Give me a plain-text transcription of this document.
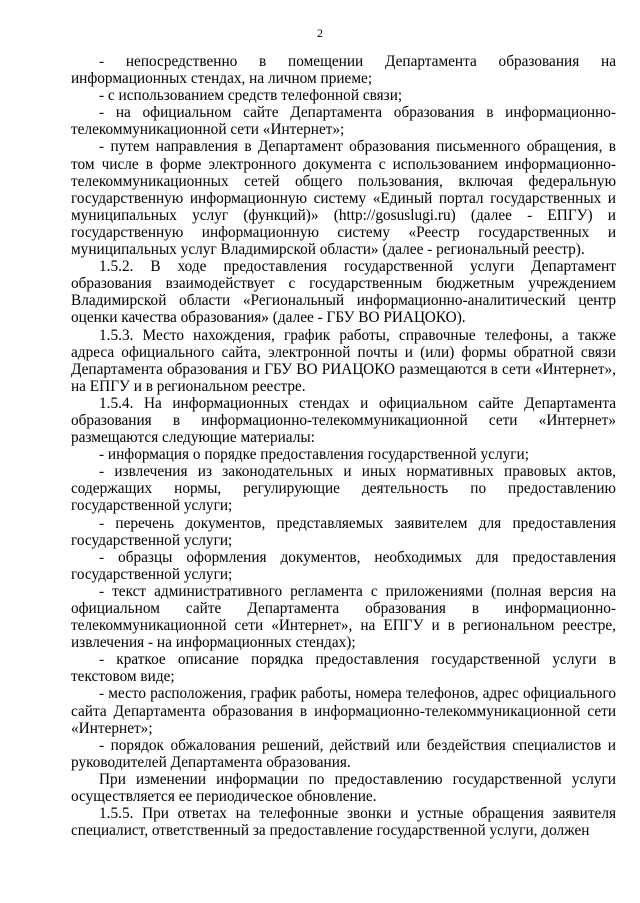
2

- непосредственно в помещении Департамента образования на информационных стендах, на личном приеме;

- с использованием средств телефонной связи;

- на официальном сайте Департамента образования в информационно-телекоммуникационной сети «Интернет»;

- путем направления в Департамент образования письменного обращения, в том числе в форме электронного документа с использованием информационно-телекоммуникационных сетей общего пользования, включая федеральную государственную информационную систему «Единый портал государственных и муниципальных услуг (функций)» (http://gosuslugi.ru) (далее - ЕПГУ) и государственную информационную систему «Реестр государственных и муниципальных услуг Владимирской области» (далее - региональный реестр).

1.5.2. В ходе предоставления государственной услуги Департамент образования взаимодействует с государственным бюджетным учреждением Владимирской области «Региональный информационно-аналитический центр оценки качества образования» (далее - ГБУ ВО РИАЦОКО).

1.5.3. Место нахождения, график работы, справочные телефоны, а также адреса официального сайта, электронной почты и (или) формы обратной связи Департамента образования и ГБУ ВО РИАЦОКО размещаются в сети «Интернет», на ЕПГУ и в региональном реестре.

1.5.4. На информационных стендах и официальном сайте Департамента образования в информационно-телекоммуникационной сети «Интернет» размещаются следующие материалы:

- информация о порядке предоставления государственной услуги;

- извлечения из законодательных и иных нормативных правовых актов, содержащих нормы, регулирующие деятельность по предоставлению государственной услуги;

- перечень документов, представляемых заявителем для предоставления государственной услуги;

- образцы оформления документов, необходимых для предоставления государственной услуги;

- текст административного регламента с приложениями (полная версия на официальном сайте Департамента образования в информационно-телекоммуникационной сети «Интернет», на ЕПГУ и в региональном реестре, извлечения - на информационных стендах);

- краткое описание порядка предоставления государственной услуги в текстовом виде;

- место расположения, график работы, номера телефонов, адрес официального сайта Департамента образования в информационно-телекоммуникационной сети «Интернет»;

- порядок обжалования решений, действий или бездействия специалистов и руководителей Департамента образования.

При изменении информации по предоставлению государственной услуги осуществляется ее периодическое обновление.

1.5.5. При ответах на телефонные звонки и устные обращения заявителя специалист, ответственный за предоставление государственной услуги, должен
